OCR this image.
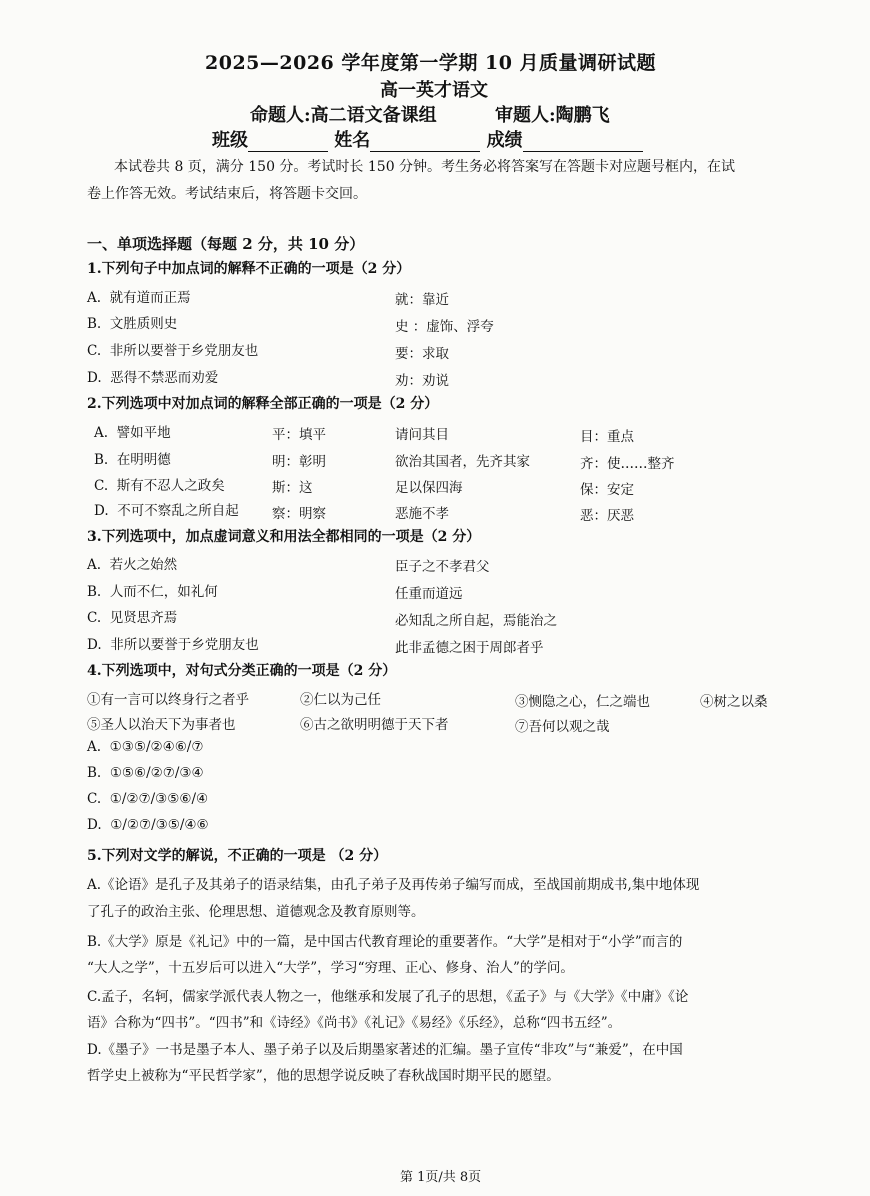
2025—2026 学年度第一学期 10 月质量调研试题
高一英才语文
命题人:高二语文备课组	审题人:陶鹏飞
班级	姓名	成绩
本试卷共 8 页，满分 150 分。考试时长 150 分钟。考生务必将答案写在答题卡对应题号框内，在试
卷上作答无效。考试结束后，将答题卡交回。
一、单项选择题（每题 2 分，共 10 分）
1.下列句子中加点词的解释不正确的一项是（2 分）
A. 就有道而正焉	就：靠近
B. 文胜质则史	史 ：虚饰、浮夸
C. 非所以要誉于乡党朋友也	要：求取
D. 恶得不禁恶而劝爱	劝：劝说
2.下列选项中对加点词的解释全部正确的一项是（2 分）
A. 譬如平地	平：填平	请问其目	目：重点
B. 在明明德	明：彰明	欲治其国者，先齐其家	齐：使……整齐
C. 斯有不忍人之政矣	斯：这	足以保四海	保：安定
D. 不可不察乱之所自起 察：明察	恶施不孝	恶：厌恶
3.下列选项中，加点虚词意义和用法全都相同的一项是（2 分）
A. 若火之始然	臣子之不孝君父
B. 人而不仁，如礼何	任重而道远
C. 见贤思齐焉	必知乱之所自起，焉能治之
D. 非所以要誉于乡党朋友也	此非孟德之困于周郎者乎
4.下列选项中，对句式分类正确的一项是（2 分）
①有一言可以终身行之者乎	②仁以为己任	③恻隐之心，仁之端也	④树之以桑
⑤圣人以治天下为事者也	⑥古之欲明明德于天下者	⑦吾何以观之哉
A. ①③⑤/②④⑥/⑦
B. ①⑤⑥/②⑦/③④
C. ①/②⑦/③⑤⑥/④
D. ①/②⑦/③⑤/④⑥
5.下列对文学的解说，不正确的一项是 （2 分）
A.《论语》是孔子及其弟子的语录结集，由孔子弟子及再传弟子编写而成，至战国前期成书,集中地体现
了孔子的政治主张、伦理思想、道德观念及教育原则等。
B.《大学》原是《礼记》中的一篇，是中国古代教育理论的重要著作。“大学”是相对于“小学”而言的
“大人之学”，十五岁后可以进入“大学”，学习“穷理、正心、修身、治人”的学问。
C.孟子，名轲，儒家学派代表人物之一，他继承和发展了孔子的思想，《孟子》与《大学》《中庸》《论
语》合称为“四书”。“四书”和《诗经》《尚书》《礼记》《易经》《乐经》，总称“四书五经”。
D.《墨子》一书是墨子本人、墨子弟子以及后期墨家著述的汇编。墨子宣传“非攻”与“兼爱”，在中国
哲学史上被称为“平民哲学家”，他的思想学说反映了春秋战国时期平民的愿望。
第 1页/共 8页
